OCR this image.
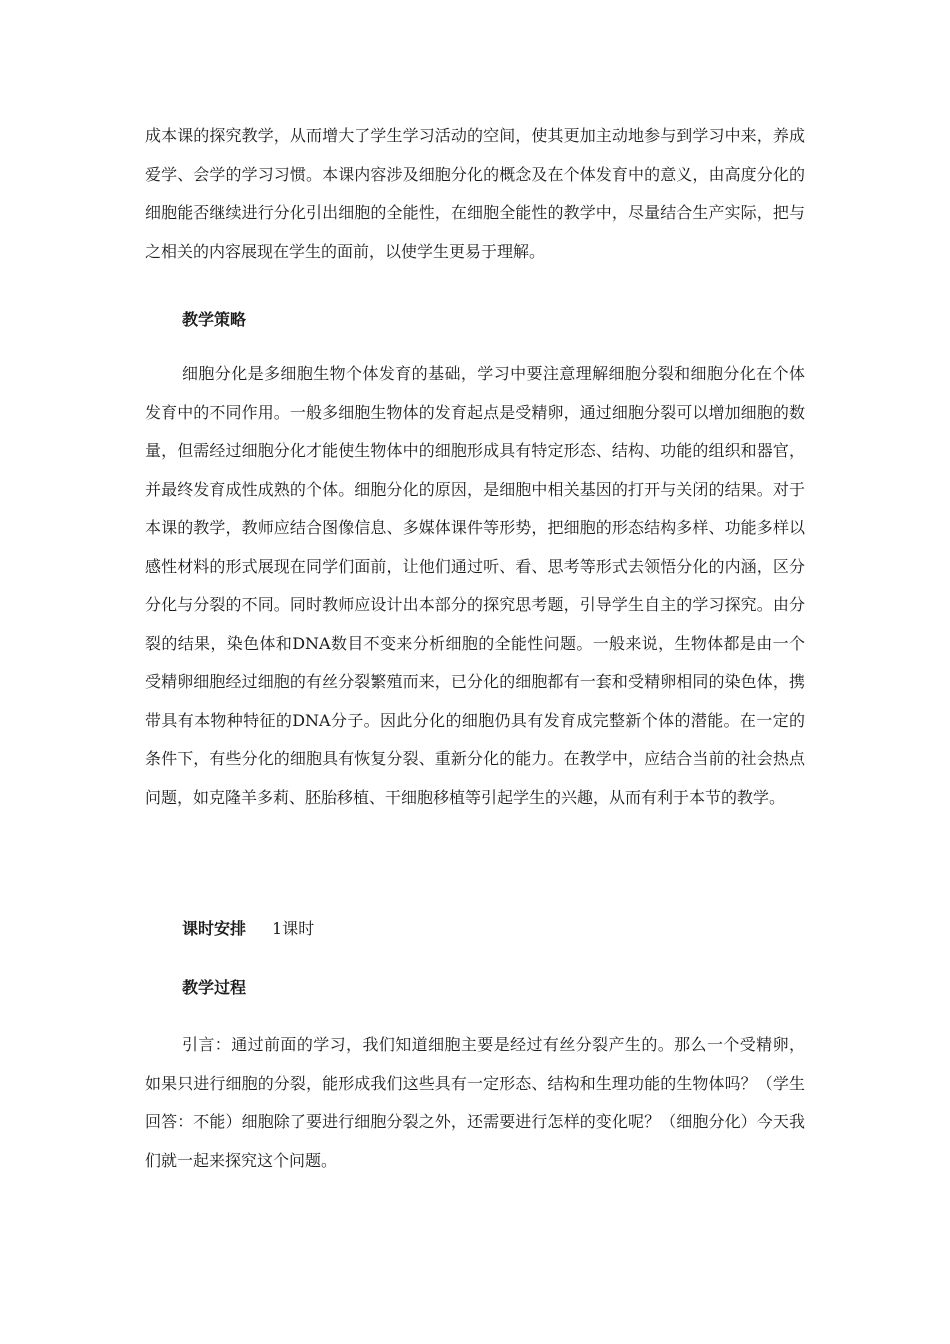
成本课的探究教学，从而增大了学生学习活动的空间，使其更加主动地参与到学习中来，养成爱学、会学的学习习惯。本课内容涉及细胞分化的概念及在个体发育中的意义，由高度分化的细胞能否继续进行分化引出细胞的全能性，在细胞全能性的教学中，尽量结合生产实际，把与之相关的内容展现在学生的面前，以使学生更易于理解。

教学策略

细胞分化是多细胞生物个体发育的基础，学习中要注意理解细胞分裂和细胞分化在个体发育中的不同作用。一般多细胞生物体的发育起点是受精卵，通过细胞分裂可以增加细胞的数量，但需经过细胞分化才能使生物体中的细胞形成具有特定形态、结构、功能的组织和器官，并最终发育成性成熟的个体。细胞分化的原因，是细胞中相关基因的打开与关闭的结果。对于本课的教学，教师应结合图像信息、多媒体课件等形势，把细胞的形态结构多样、功能多样以感性材料的形式展现在同学们面前，让他们通过听、看、思考等形式去领悟分化的内涵，区分分化与分裂的不同。同时教师应设计出本部分的探究思考题，引导学生自主的学习探究。由分裂的结果，染色体和DNA数目不变来分析细胞的全能性问题。一般来说，生物体都是由一个受精卵细胞经过细胞的有丝分裂繁殖而来，已分化的细胞都有一套和受精卵相同的染色体，携带具有本物种特征的DNA分子。因此分化的细胞仍具有发育成完整新个体的潜能。在一定的条件下，有些分化的细胞具有恢复分裂、重新分化的能力。在教学中，应结合当前的社会热点问题，如克隆羊多莉、胚胎移植、干细胞移植等引起学生的兴趣，从而有利于本节的教学。

课时安排 1课时
教学过程

引言：通过前面的学习，我们知道细胞主要是经过有丝分裂产生的。那么一个受精卵，如果只进行细胞的分裂，能形成我们这些具有一定形态、结构和生理功能的生物体吗？（学生回答：不能）细胞除了要进行细胞分裂之外，还需要进行怎样的变化呢？（细胞分化）今天我们就一起来探究这个问题。
